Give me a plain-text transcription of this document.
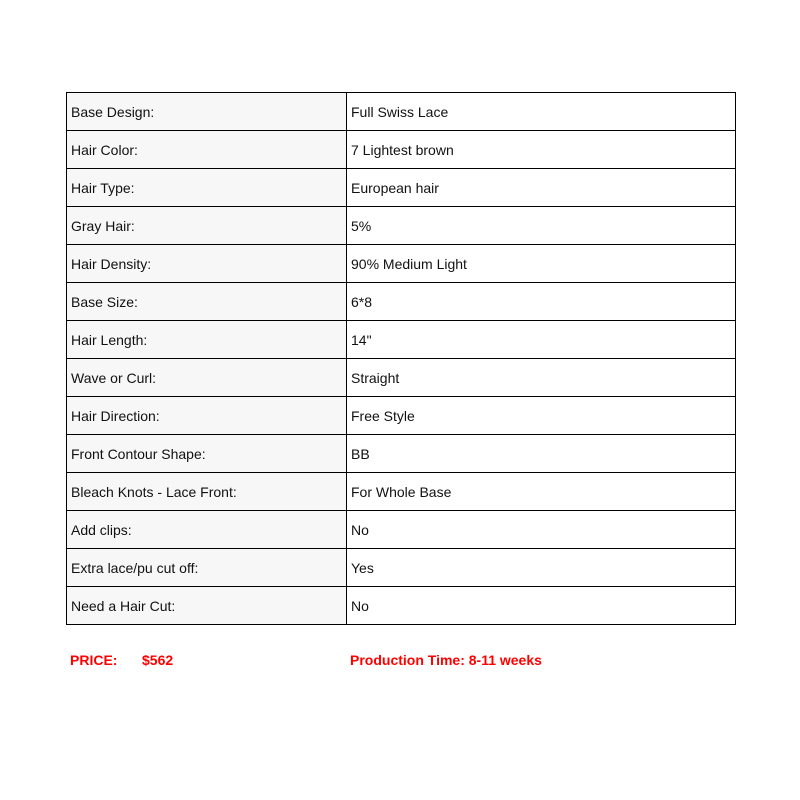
Base Design:	Full Swiss Lace
Hair Color:	7 Lightest brown
Hair Type:	European hair
Gray Hair:	5%
Hair Density:	90% Medium Light
Base Size:	6*8
Hair Length:	14"
Wave or Curl:	Straight
Hair Direction:	Free Style
Front Contour Shape:	BB
Bleach Knots - Lace Front:	For Whole Base
Add clips:	No
Extra lace/pu cut off:	Yes
Need a Hair Cut:	No
PRICE: $562	Production Time: 8-11 weeks
